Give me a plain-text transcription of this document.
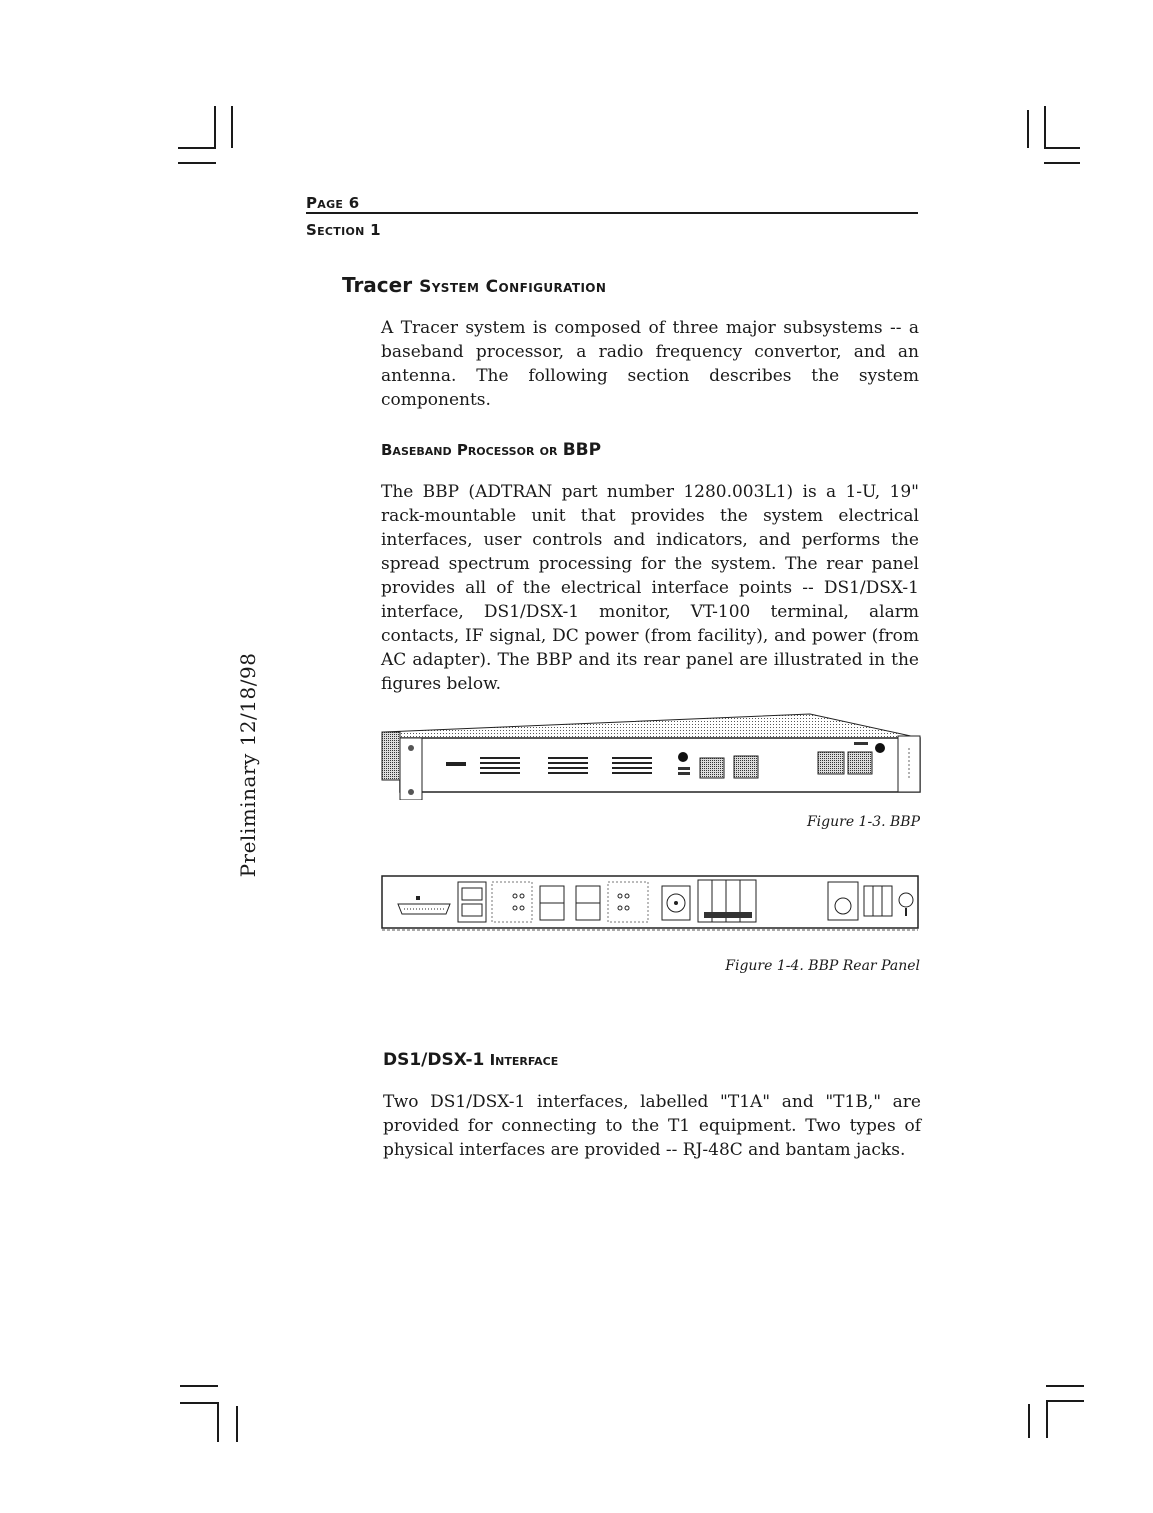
Page 6
Section 1
Preliminary 12/18/98
Tracer System Configuration
A Tracer system is composed of three major subsystems -- a baseband processor, a radio frequency convertor, and an antenna. The following section describes the system components.
Baseband Processor or BBP
The BBP (ADTRAN part number 1280.003L1) is a 1-U, 19" rack-mountable unit that provides the system electrical interfaces, user controls and indicators, and performs the spread spectrum processing for the system. The rear panel provides all of the electrical interface points -- DS1/DSX-1 interface, DS1/DSX-1 monitor, VT-100 terminal, alarm contacts, IF signal, DC power (from facility), and power (from AC adapter). The BBP and its rear panel are illustrated in the figures below.
Figure 1-3. BBP
Figure 1-4. BBP Rear Panel
DS1/DSX-1 Interface
Two DS1/DSX-1 interfaces, labelled "T1A" and "T1B," are provided for connecting to the T1 equipment. Two types of physical interfaces are provided -- RJ-48C and bantam jacks.
